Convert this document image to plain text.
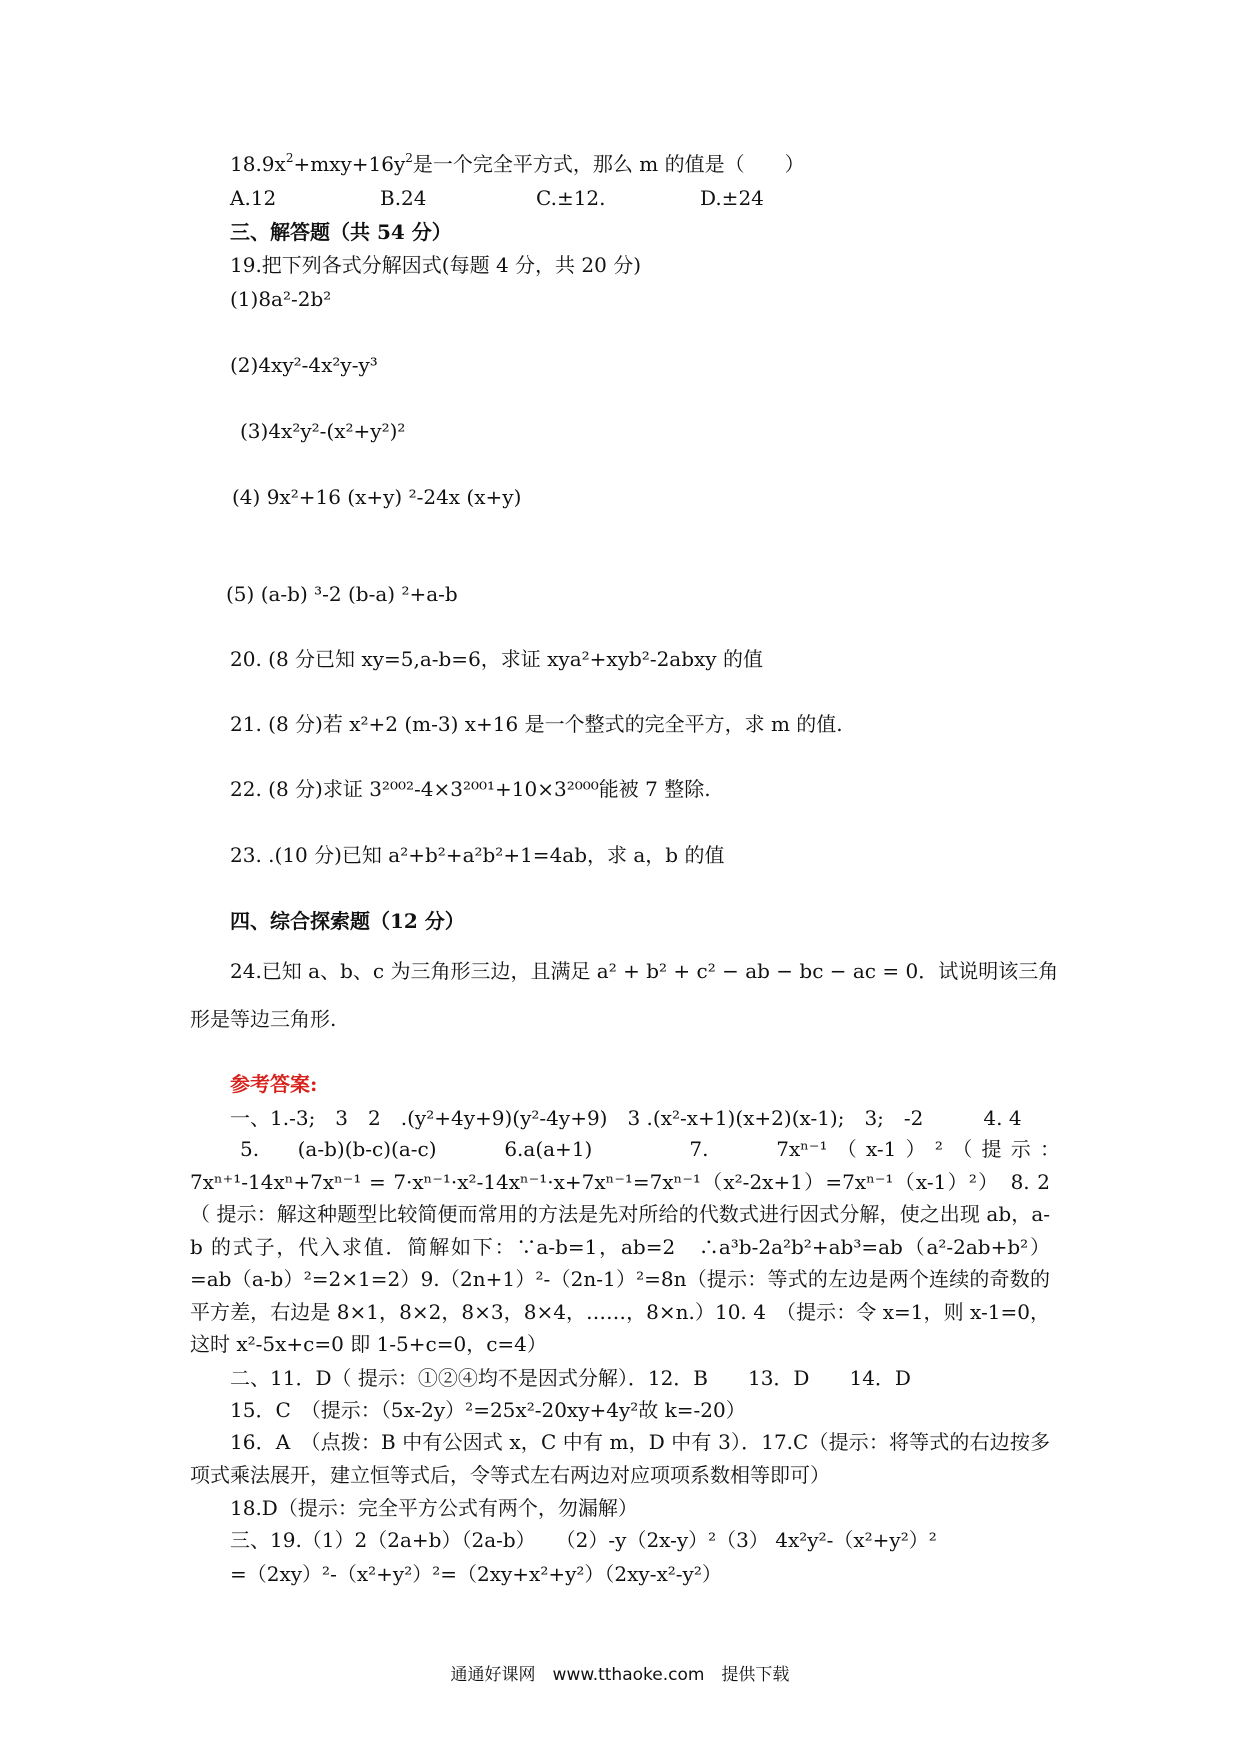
$18.9x^2+mxy+16y^2$是一个完全平方式，那么 m 的值是（　　）
A.12	B.24	C.±12.	D.±24
三、解答题（共 54 分）
19.把下列各式分解因式(每题 4 分，共 20 分)
(1)8a²-2b²
(2)4xy²-4x²y-y³
(3)4x²y²-(x²+y²)²
(4) 9x²+16 (x+y) ²-24x (x+y)
(5) (a-b) ³-2 (b-a) ²+a-b
20. (8 分已知 xy=5,a-b=6，求证 xya²+xyb²-2abxy 的值
21. (8 分)若 x²+2 (m-3) x+16 是一个整式的完全平方，求 m 的值.
22. (8 分)求证 3²⁰⁰²-4×3²⁰⁰¹+10×3²⁰⁰⁰能被 7 整除.
23. .(10 分)已知 a²+b²+a²b²+1=4ab，求 a，b 的值
四、综合探索题（12 分）
24.已知 a、b、c 为三角形三边，且满足 a² + b² + c² − ab − bc − ac = 0．试说明该三角
形是等边三角形.
参考答案:
一、1.-3;　3　2　.(y²+4y+9)(y²-4y+9)　3 .(x²-x+1)(x+2)(x-1);　3;　-2　　　4. 4
5.　(a-b)(b-c)(a-c)　　6.a(a+1)　　　7.　　7xⁿ⁻¹（x-1）²（提示：　7xⁿ⁺¹-14xⁿ+7xⁿ⁻¹ = 7·xⁿ⁻¹·x²-14xⁿ⁻¹·x+7xⁿ⁻¹=7xⁿ⁻¹（x²-2x+1）=7xⁿ⁻¹（x-1）²）　8. 2（ 提示：解这种题型比较简便而常用的方法是先对所给的代数式进行因式分解，使之出现 ab，a-b 的式子，代入求值．简解如下：∵a-b=1，ab=2　∴a³b-2a²b²+ab³=ab（a²-2ab+b²）=ab（a-b）²=2×1=2）9.（2n+1）²-（2n-1）²=8n（提示：等式的左边是两个连续的奇数的平方差，右边是 8×1，8×2，8×3，8×4，……，8×n.）10. 4　（提示：令 x=1，则 x-1=0，这时 x²-5x+c=0 即 1-5+c=0，c=4）
二、11．D（ 提示：①②④均不是因式分解）．12．B　　13．D　　14．D
15．C　（提示：（5x-2y）²=25x²-20xy+4y²故 k=-20）
16．A　（点拨：B 中有公因式 x，C 中有 m，D 中有 3）．17.C（提示：将等式的右边按多项式乘法展开，建立恒等式后，令等式左右两边对应项项系数相等即可）
18.D（提示：完全平方公式有两个，勿漏解）
三、19.（1）2（2a+b）（2a-b）　　（2）-y（2x-y）²（3） 4x²y²-（x²+y²）²
=（2xy）²-（x²+y²）²=（2xy+x²+y²）（2xy-x²-y²）
通通好课网　www.tthaoke.com　提供下载
